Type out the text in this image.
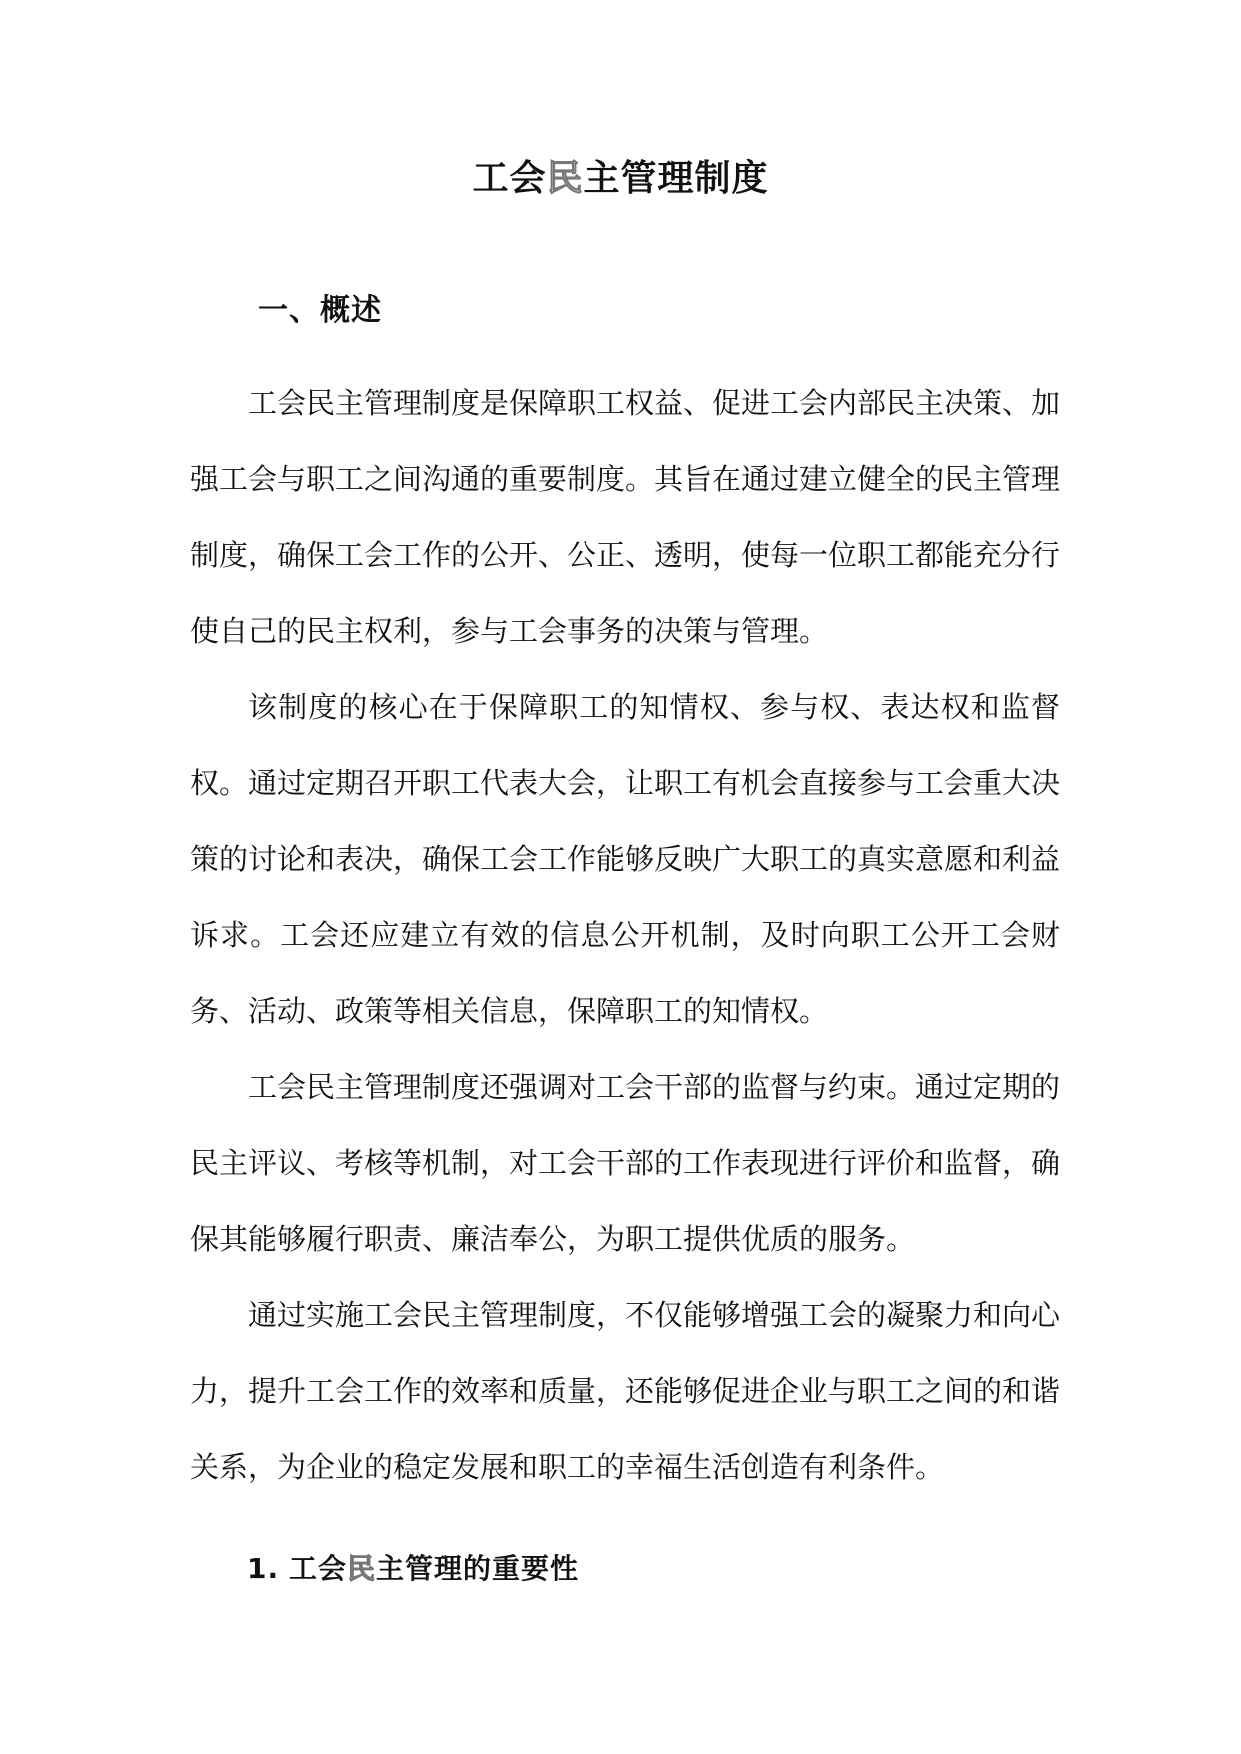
工会民主管理制度
一、概述

工会民主管理制度是保障职工权益、促进工会内部民主决策、加强工会与职工之间沟通的重要制度。其旨在通过建立健全的民主管理制度，确保工会工作的公开、公正、透明，使每一位职工都能充分行使自己的民主权利，参与工会事务的决策与管理。

该制度的核心在于保障职工的知情权、参与权、表达权和监督权。通过定期召开职工代表大会，让职工有机会直接参与工会重大决策的讨论和表决，确保工会工作能够反映广大职工的真实意愿和利益诉求。工会还应建立有效的信息公开机制，及时向职工公开工会财务、活动、政策等相关信息，保障职工的知情权。

工会民主管理制度还强调对工会干部的监督与约束。通过定期的民主评议、考核等机制，对工会干部的工作表现进行评价和监督，确保其能够履行职责、廉洁奉公，为职工提供优质的服务。

通过实施工会民主管理制度，不仅能够增强工会的凝聚力和向心力，提升工会工作的效率和质量，还能够促进企业与职工之间的和谐关系，为企业的稳定发展和职工的幸福生活创造有利条件。

1. 工会民主管理的重要性
